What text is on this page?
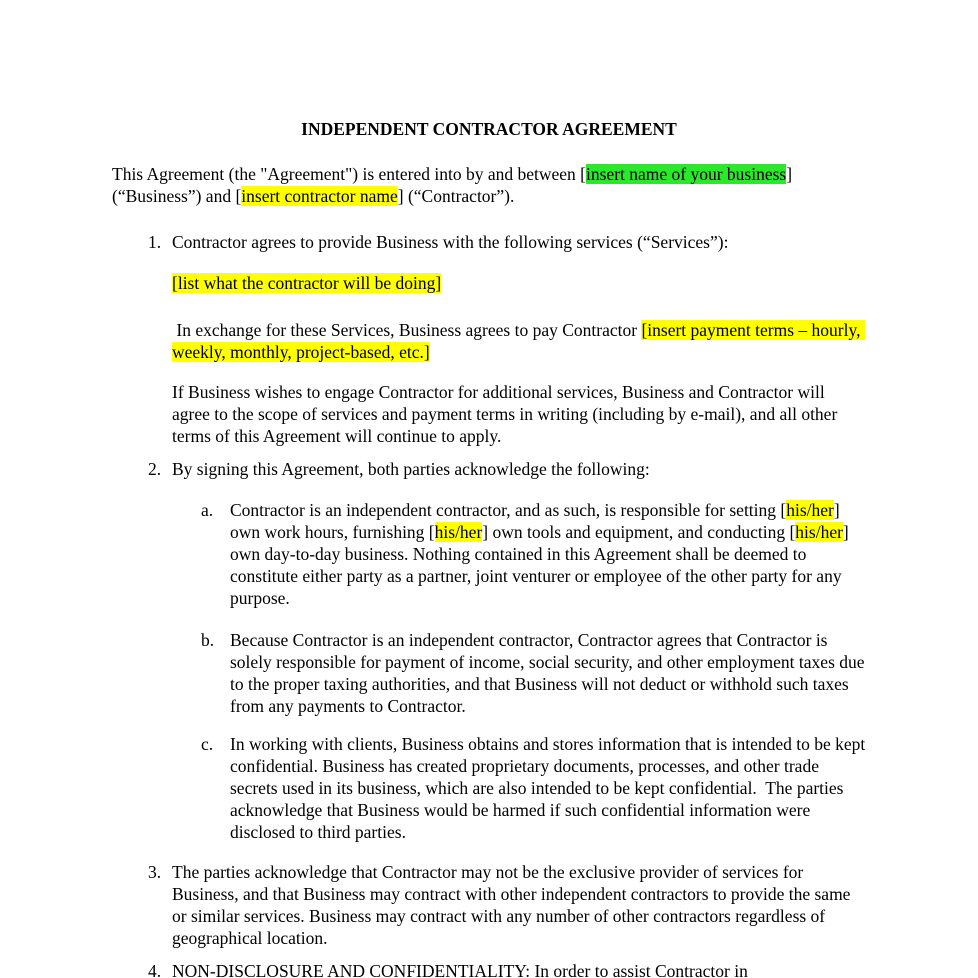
INDEPENDENT CONTRACTOR AGREEMENT

This Agreement (the "Agreement") is entered into by and between [insert name of your business] (“Business”) and [insert contractor name] (“Contractor”).

1. Contractor agrees to provide Business with the following services (“Services”):

[list what the contractor will be doing]

In exchange for these Services, Business agrees to pay Contractor [insert payment terms – hourly, weekly, monthly, project-based, etc.]

If Business wishes to engage Contractor for additional services, Business and Contractor will agree to the scope of services and payment terms in writing (including by e-mail), and all other terms of this Agreement will continue to apply.

2. By signing this Agreement, both parties acknowledge the following:

a. Contractor is an independent contractor, and as such, is responsible for setting [his/her] own work hours, furnishing [his/her] own tools and equipment, and conducting [his/her] own day-to-day business. Nothing contained in this Agreement shall be deemed to constitute either party as a partner, joint venturer or employee of the other party for any purpose.

b. Because Contractor is an independent contractor, Contractor agrees that Contractor is solely responsible for payment of income, social security, and other employment taxes due to the proper taxing authorities, and that Business will not deduct or withhold such taxes from any payments to Contractor.

c. In working with clients, Business obtains and stores information that is intended to be kept confidential. Business has created proprietary documents, processes, and other trade secrets used in its business, which are also intended to be kept confidential.  The parties acknowledge that Business would be harmed if such confidential information were disclosed to third parties.

3. The parties acknowledge that Contractor may not be the exclusive provider of services for Business, and that Business may contract with other independent contractors to provide the same or similar services. Business may contract with any number of other contractors regardless of geographical location.

4. NON-DISCLOSURE AND CONFIDENTIALITY: In order to assist Contractor in
